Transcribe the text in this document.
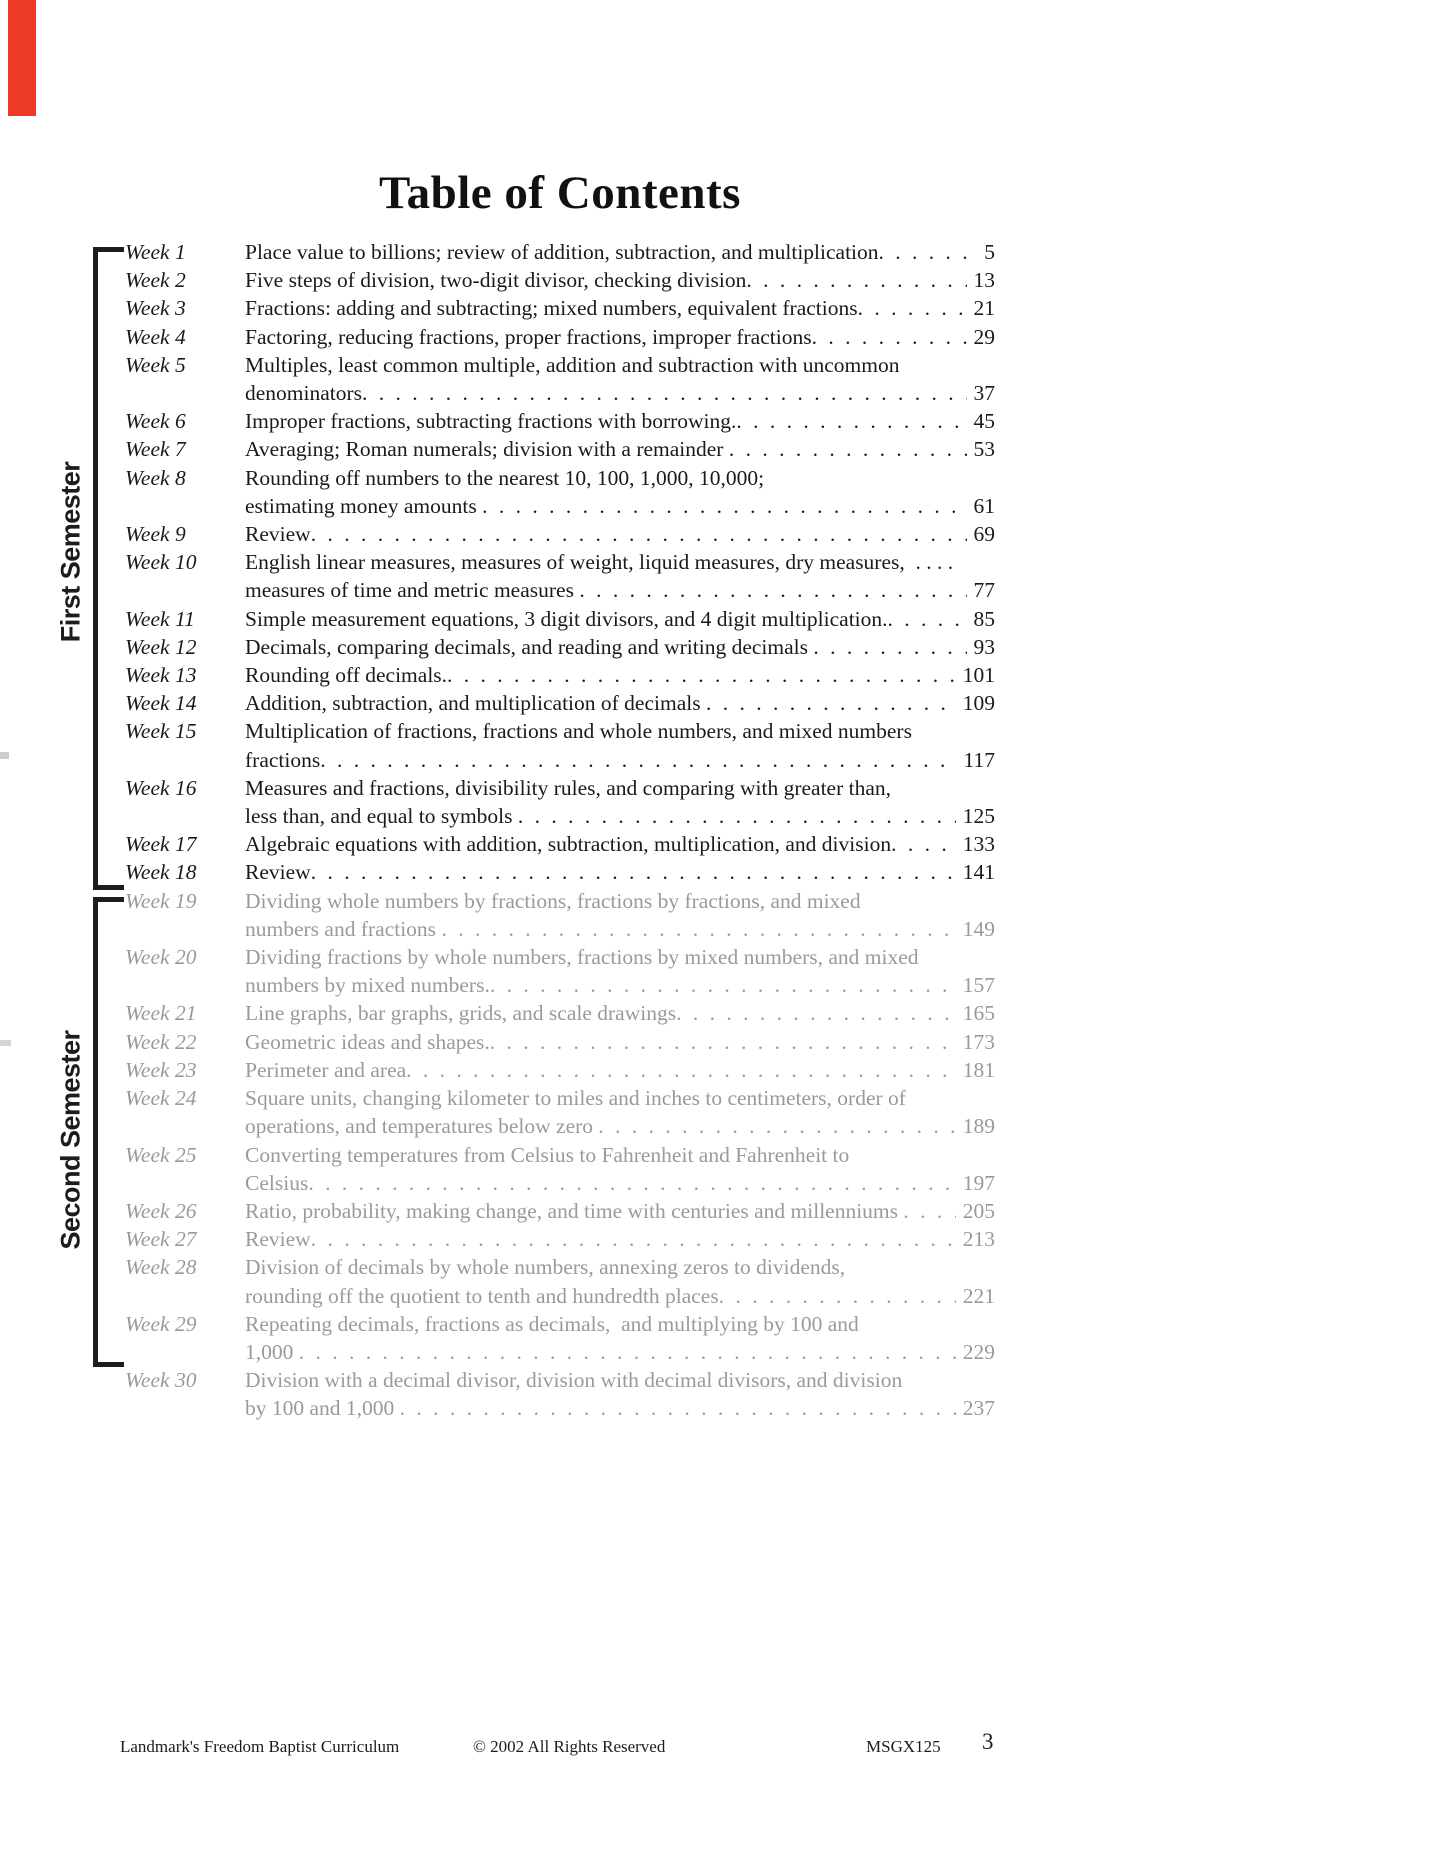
Table of Contents
Week 1	Place value to billions; review of addition, subtraction, and multiplication . . .	5
Week 2	Five steps of division, two-digit divisor, checking division . . .	13
Week 3	Fractions: adding and subtracting; mixed numbers, equivalent fractions . . .	21
Week 4	Factoring, reducing fractions, proper fractions, improper fractions . . .	29
Week 5	Multiples, least common multiple, addition and subtraction with uncommon
denominators . . .	37
Week 6	Improper fractions, subtracting fractions with borrowing. . . .	45
Week 7	Averaging; Roman numerals; division with a remainder . . .	53
Week 8	Rounding off numbers to the nearest 10, 100, 1,000, 10,000;
estimating money amounts . . .	61
Week 9	Review . . .	69
Week 10	English linear measures, measures of weight, liquid measures, dry measures,  . . . .
measures of time and metric measures . . .	77
Week 11	Simple measurement equations, 3 digit divisors, and 4 digit multiplication. . . .	85
Week 12	Decimals, comparing decimals, and reading and writing decimals . . .	93
Week 13	Rounding off decimals. . . .	101
Week 14	Addition, subtraction, and multiplication of decimals . . .	109
Week 15	Multiplication of fractions, fractions and whole numbers, and mixed numbers
fractions . . .	117
Week 16	Measures and fractions, divisibility rules, and comparing with greater than,
less than, and equal to symbols . . .	125
Week 17	Algebraic equations with addition, subtraction, multiplication, and division . . .	133
Week 18	Review . . .	141
Week 19	Dividing whole numbers by fractions, fractions by fractions, and mixed
numbers and fractions . . .	149
Week 20	Dividing fractions by whole numbers, fractions by mixed numbers, and mixed
numbers by mixed numbers. . . .	157
Week 21	Line graphs, bar graphs, grids, and scale drawings . . .	165
Week 22	Geometric ideas and shapes. . . .	173
Week 23	Perimeter and area . . .	181
Week 24	Square units, changing kilometer to miles and inches to centimeters, order of
operations, and temperatures below zero . . .	189
Week 25	Converting temperatures from Celsius to Fahrenheit and Fahrenheit to
Celsius . . .	197
Week 26	Ratio, probability, making change, and time with centuries and millenniums . . .	205
Week 27	Review . . .	213
Week 28	Division of decimals by whole numbers, annexing zeros to dividends,
rounding off the quotient to tenth and hundredth places . . .	221
Week 29	Repeating decimals, fractions as decimals,  and multiplying by 100 and
1,000 . . .	229
Week 30	Division with a decimal divisor, division with decimal divisors, and division
by 100 and 1,000 . . .	237
First Semester
Second Semester
Landmark's Freedom Baptist Curriculum	© 2002 All Rights Reserved	MSGX125 3
